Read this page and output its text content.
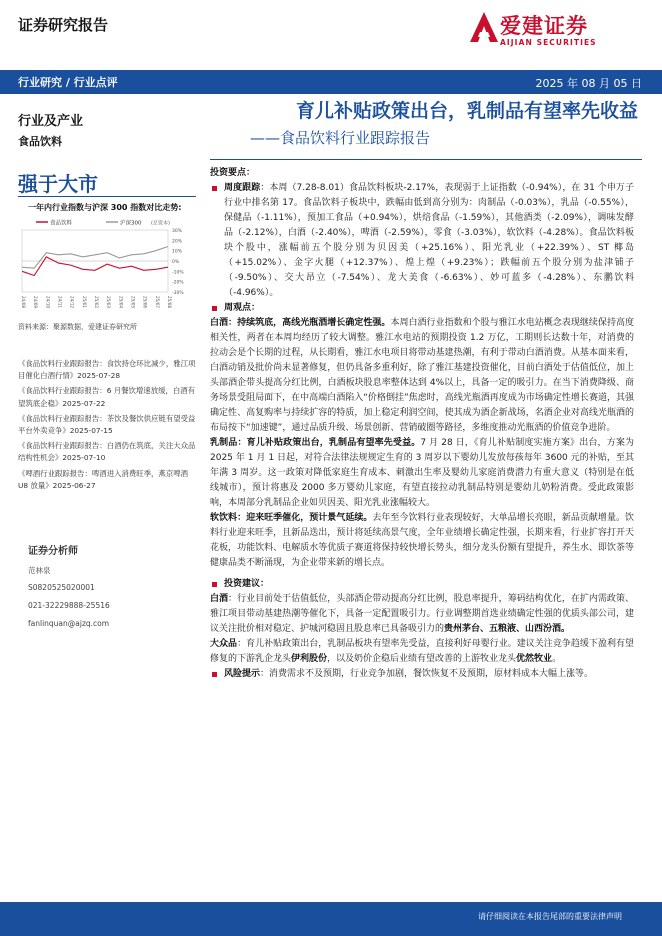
证券研究报告	爱建证券
AIJIAN SECURITIES
行业研究 / 行业点评	2025 年 08 月 05 日
行业及产业
食品饮料
强于大市
一年内行业指数与沪深 300 指数对比走势:
食品饮料	沪深300 (总资本)
30%
20%
10%
0%
-10%
-20%
-30%
24/08 24/09 24/10 24/11 24/12 25/01 25/02 25/03 25/04 25/05 25/06 25/07 25/08
资料来源：聚源数据，爱建证券研究所
《食品饮料行业跟踪报告：食饮持仓环比减少，雅江项目催化白酒行情》2025-07-28
《食品饮料行业跟踪报告：6 月餐饮增速放缓，白酒有望筑底企稳》2025-07-22
《食品饮料行业跟踪报告：茶饮及餐饮供应链有望受益平台外卖竞争》2025-07-15
《食品饮料行业跟踪报告：白酒仍在筑底，关注大众品结构性机会》2025-07-10
《啤酒行业跟踪报告：啤酒进入消费旺季，燕京啤酒 U8 放量》2025-06-27
证券分析师
范林泉
S0820525020001
021-32229888-25516
fanlinquan@ajzq.com
育儿补贴政策出台，乳制品有望率先收益
——食品饮料行业跟踪报告
投资要点：
周度跟踪：本周（7.28-8.01）食品饮料板块-2.17%，表现弱于上证指数（-0.94%），在 31 个申万子行业中排名第 17。食品饮料子板块中，跌幅由低到高分别为：肉制品（-0.03%），乳品（-0.55%），保健品（-1.11%），预加工食品（+0.94%），烘焙食品（-1.59%），其他酒类（-2.09%），调味发酵品（-2.12%），白酒（-2.40%），啤酒（-2.59%），零食（-3.03%），软饮料（-4.28%）。食品饮料板块个股中，涨幅前五个股分别为贝因美（+25.16%）、阳光乳业（+22.39%）、ST 椰岛（+15.02%）、金字火腿（+12.37%）、煌上煌（+9.23%）；跌幅前五个股分别为盐津铺子（-9.50%）、交大昂立（-7.54%）、龙大美食（-6.63%）、妙可蓝多（-4.28%）、东鹏饮料（-4.96%）。
周观点：
白酒：持续筑底，高线光瓶酒增长确定性强。本周白酒行业指数和个股与雅江水电站概念表现继续保持高度相关性，两者在本周均经历了较大调整。雅江水电站的预期投资 1.2 万亿，工期则长达数十年，对消费的拉动会是个长期的过程，从长期看，雅江水电项目将带动基建热潮，有利于带动白酒消费。从基本面来看，白酒动销及批价尚未显著修复，但仍具备多重利好，除了雅江基建投资催化，目前白酒处于估值低位，加上头部酒企带头提高分红比例，白酒板块股息率整体达到 4%以上，具备一定的吸引力。在当下消费降级、商务场景受阻局面下，在中高端白酒陷入“价格倒挂”焦虑时，高线光瓶酒再度成为市场确定性增长赛道，其强确定性、高复购率与持续扩容的特质，加上稳定利润空间，使其成为酒企新战场，名酒企业对高线光瓶酒的布局按下“加速键”，通过品质升级、场景创新、营销破圈等路径，多维度推动光瓶酒的价值竞争进阶。
乳制品：育儿补贴政策出台，乳制品有望率先受益。7 月 28 日，《育儿补贴制度实施方案》出台，方案为 2025 年 1 月 1 日起，对符合法律法规规定生育的 3 周岁以下婴幼儿发放每孩每年 3600 元的补贴，至其年满 3 周岁。这一政策对降低家庭生育成本、刺激出生率及婴幼儿家庭消费潜力有重大意义（特别是在低线城市），预计将惠及 2000 多万婴幼儿家庭，有望直接拉动乳制品特别是婴幼儿奶粉消费。受此政策影响，本周部分乳制品企业如贝因美、阳光乳业涨幅较大。
软饮料：迎来旺季催化，预计景气延续。去年至今饮料行业表现较好，大单品增长亮眼，新品贡献增量。饮料行业迎来旺季，且新品迭出，预计将延续高景气度，全年业绩增长确定性强，长期来看，行业扩容打开天花板，功能饮料、电解质水等优质子赛道将保持较快增长势头，细分龙头份额有望提升，养生水、即饮茶等健康品类不断涌现，为企业带来新的增长点。
投资建议：
白酒：行业目前处于估值低位，头部酒企带动提高分红比例，股息率提升，筹码结构优化，在扩内需政策、雅江项目带动基建热潮等催化下，具备一定配置吸引力。行业调整期首选业绩确定性强的优质头部公司，建议关注批价相对稳定、护城河稳固且股息率已具备吸引力的贵州茅台、五粮液、山西汾酒。
大众品：育儿补贴政策出台，乳制品板块有望率先受益，直接利好母婴行业。建议关注竞争趋缓下盈利有望修复的下游乳企龙头伊利股份，以及奶价企稳后业绩有望改善的上游牧业龙头优然牧业。
风险提示：消费需求不及预期，行业竞争加剧，餐饮恢复不及预期，原材料成本大幅上涨等。
请仔细阅读在本报告尾部的重要法律声明
